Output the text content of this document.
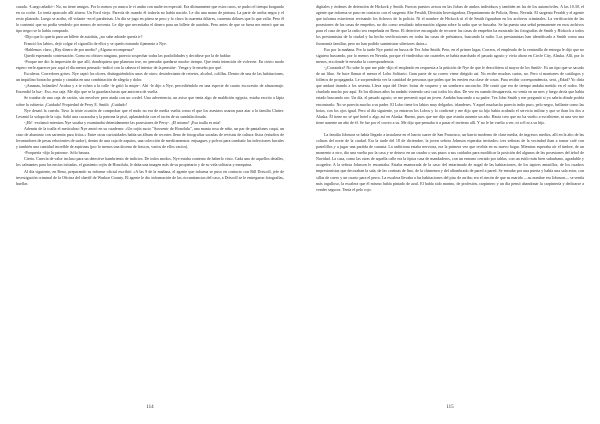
casada. -Luego añadió-: No, no tiene amigos. Por lo menos yo nunca le vi andar con nadie en especial. Era últimamente que estos raros, se pudro el tiempo borgando en su coche. Lo tenía aparcado allí afuera. Un Ford viejo. Parecía de cuando él todavía no había nacido. Le dio una mano de pintura. La parte de arriba negra y el resto plateado. Luego se arribo, ell volante -en el parabrisas. Un día se jugo en pitera se pero y lo clavo la cuarenta dólares, cuarenta dólares que lo que valía. Pero él lo contentó que no podía venderlo por menos de noventa. Le dije que necesitaba el dinero para un billete de autobús. Pero antes de que se fuera me enteró que un tipo negro se lo había comprado.

-Dijo que lo quería para un billete de autobús, ¿no sabe adonde quería ir?

Franció los labios, dejó colgar el cigarrillo de ellos y se quedo mirando fijamente a Nye.

-Hablemos claro, ¿Hay dinero de por medio? ¿Alguna recompensa?

Quedó esperando contestación. Como no obtuvo ninguna, parecio sospechar todas las posibilidades y decidirse por la de hablar:

-Porque me dio la impresión de que allí, dondequiera que planeara irse, no pensaba quedarse mucho tiempo. Que tenía intención de volverse. En cierto modo espero verle aparecer por aquí el día menos pensado -indicó con la cabeza el interior de la pensión-. Venga y le enseño por qué.

Escaleras. Corredores grises. Nye captó los olores, distinguiéndolos unos de otros: desinfectante de retretes, alcohol, colillas. Dentro de una de las habitaciones, un inquilino borracho gemía y cantaba en una combinación de alegría y dolor.

-¡Amanas, holandes! Acabra y a te echen a la calle -le gritó la mujer-. Ahí -le dijo a Nye, precediéndolo en una especie de cuarto escocesito de almacenaje. Encendió la luz-. Eso, esa caja. Me dijo que se la guardara hasta que anticiera de vuelta.

Se trataba de una caja de cartón, sin envolver pero atada con un cordel. Una advertencia, un aviso que tenía algo de maldición egipcia, estaba escrito a lápiz sobre la cubierta: ¡Cuidado! Propiedad de Perry E. Smith. ¡Cuidado!

Nye desató la cuerda. Tuvo la triste ocasión de comprobar que el nudo no era de media vuelta como el que los asesinos usaron para atar a la familia Clutter. Levantó la solapa de la caja. Salió una cucaracha y la patrona la pisó, aplastándola con el tacón de su sandalia dorada.

-¡Eh! -exclamó mientras Nye sacaba y examinaba detenidamente las posesiones de Perry-. ¡El mismo! ¡Esa toalla es mía!

Además de la toalla el meticuloso Nye anotó en su cuaderno: «Un cojín sucio "Souvenir de Honolulu", una manta rosa de niño, un par de pantalones caqui, un cazo de aluminio con sartenita para fritos.» Entre otras curiosidades había un álbum de recortes lleno de fotografías sacadas de revistas de cultura física (estudios de levantadores de pesas relucientes de sudor), dentro de una caja de zapatos, una colección de medicamentos: enjuagues y polvos para combatir las infecciones bucales y también una cantidad increíble de aspirinas (por lo menos una docena de frascos, varios de ellos vacíos).

-Porquería -dijo la patrona-. Sólo basura.

Cierto. Carecía de valor incluso para un detective hambriento de indicios. De todos modos, Nye estaba contento de haberlo visto. Cada uno de aquellos detalles, los calmantes para las encías irritadas, el grasiento cojín de Honolulu, le daba una imagen más de su propietario y de su vida solitaria y mezquina.

Al día siguiente, en Reno, preparando su informe oficial escribió: «A las 9 de la mañana, el agente que informa se puso en contacto con Bill Driscoll, jefe de investigación criminal de la Oficina del sheriff de Washoe County. El agente le dio información de las circunstancias del caso, a Driscoll se le entregaron fotografías, huellas

114

digitales y órdenes de detención de Hickock y Smith. Fueron puestos avisos en las fichas de ambos individuos y también en las de los automóviles. A las 10.30, el agente que informa se puso en contacto con el sargento Abe Feraldi, División Investigadora, Departamento de Policía, Reno, Nevada. El sargento Feraldi y el agente que informa estuvieron revisando los ficheros de la policía. Ni el nombre de Hickock ni el de Smith figuraban en los archivos criminales. La verificación de las posesiones de las casas de empeños, no dio como resultado información alguna sobre la radio que se buscaba. Se ha puesto una señal permanente en esos archivos para el caso de que la radio sea empeñada en Reno. El detective encargado de recorrer las casas de empeños ha mostrado las fotografías de Smith y Hickock a todos los prestamistas de la ciudad y ha hecho verificaciones en todas las casas de préstamos, buscando la radio. Los prestamistas han identificado a Smith como una fisonomía familiar, pero no han podido suministrar ulteriores datos.»

Eso por la mañana. Por la tarde Nye partió en busca de Tex John Smith. Pero, en el primer lugar, Correos, el empleado de la ventanilla de entrega le dijo que no siguiera buscando, por lo menos en Nevada, porque el vindividuo sin cuarteles se había marchado el pasado agosto y vivía ahora en Circle City, Alaska. Allí, por lo menos, era donde le enviaba la correspondencia.

-¿Corrandra? No sabe lo que me pide -dijo el empleado en respuesta a la petición de Nye de que le describiera al mayor de los Smith-. Es un tipo que se sacado de un libro. Se hace llamar el menor el Lobo Solitario. Gran parte de su correo viene dirigido así. No recibe muchas cartas, no. Pero sí montones de catálogos y folletos de propaganda. Le sorprendería ver la cantidad de personas que piden que les envíen esa clase de cosas. Para recibir correspondencia, será, ¿Edad? Yo diría que andará tirando a los sesenta. Lleva ropa del Oeste: botas de vaquero y un sombrero anconcho. Me contó que era de tiempo andaba metido en el rodeo. He charlado mucho por aquí. Es los últimos años ha andado viniendo casi casi todos los días. De vez en cuando desaparecía, no venía en un mes y luego decía que había estado buscando oro. Un día, el pasado agosto, se me presentó aquí un joven. Andaba buscando a su padre. Tex John Smith y me preguntó si yo sabría dónde podría encontrarlo. No se parecía mucho a su padre. El Lobo tiene los labios muy delgados, irlandeses. Y aquel muchacho parecía indio puro, pelo negro, brillante como las botas, con los ojos igual. Pero al día siguiente, ya entraron los Lobos y lo confirmé y me dijo que su hijo había acabado el servicio militar y que se iban los dos a Alaska. Él tiene no sé qué hotel o algo así en Alaska. Bueno, pues que me dijo que estaría ausente un año. Hasta creo que no ha vuelto a escribirme, ni una vez me tiene ausente un año de él. Se fue por el correo a su. Me dijo que pensaba ir a pasar el invierno allí. Y no le he vuelto a ver, ni a él ni a su hijo.

La familia Johnson se había llegado a instalarse en el barrio suave de San Francisco, un barrio moderno de clase media, de ingresos medios, allí en la alto de las colinas del norte de la ciudad. Era la tarde del 18 de diciembre, la joven señora Johnson esperaba invitados: tres señoras de la vecindad iban a tomar café con pastelillos y a jugar una partida de canasta. La anfitriona estaba nerviosa, era la primera vez que recibía en su nuevo hogar. Mientras esperaba oír el timbre, de un momento a otro, dio una vuelta por la casa y se detuvo en un cuadro o sus pasos a sus cuidados para modificar la posición del algunas de las posesiones del árbol de Navidad. La casa, como las otras de aquella calle era la típica casa de mandaderos, con un entorno cerrado por tablas, con un estilo más bien suburbano, agradable y acogedor. A la señora Johnson le encantaba. Estaba enamorada de la casa: del entarimado de nogal de las habitaciones, de los tapices amarillos, de los cuadros impresionistas que decoraban la sala, de las cortinas de lino, de la chimenea y del alfombrado de pared a pared. Se entraba por una puerta y había una sala estar, con sillas de cuero y un cuarto para el perro. La escalera llevaba a las habitaciones del piso de arriba; era el rincón de que su marido —su nombre era Johnson— se sentía más orgulloso, la escalera que él mismo había pintado de azul. El había sido marino, de profesión, carpintero y un día pensó abandonar la carpintería y dedicarse a vender seguros. Tenía el pelo rojo.

115
